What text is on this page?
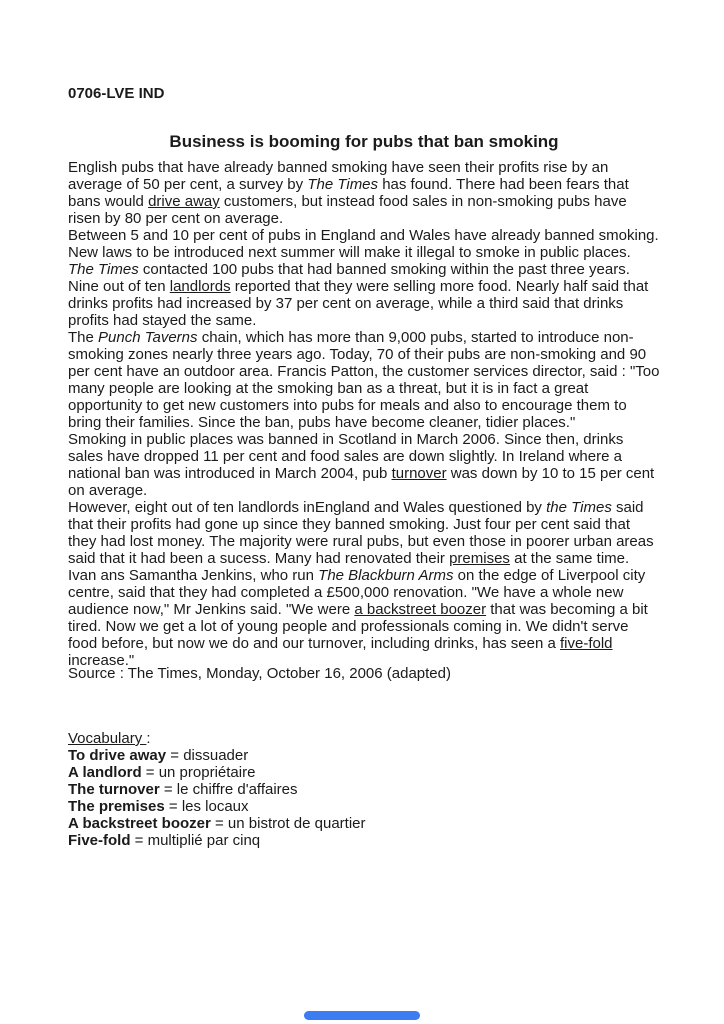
0706-LVE IND
Business is booming for pubs that ban smoking

English pubs that have already banned smoking have seen their profits rise by an average of 50 per cent, a survey by The Times has found. There had been fears that bans would drive away customers, but instead food sales in non-smoking pubs have risen by 80 per cent on average.

Between 5 and 10 per cent of pubs in England and Wales have already banned smoking. New laws to be introduced next summer will make it illegal to smoke in public places.

The Times contacted 100 pubs that had banned smoking within the past three years. Nine out of ten landlords reported that they were selling more food. Nearly half said that drinks profits had increased by 37 per cent on average, while a third said that drinks profits had stayed the same.

The Punch Taverns chain, which has more than 9,000 pubs, started to introduce non-smoking zones nearly three years ago. Today, 70 of their pubs are non-smoking and 90 per cent have an outdoor area. Francis Patton, the customer services director, said : "Too many people are looking at the smoking ban as a threat, but it is in fact a great opportunity to get new customers into pubs for meals and also to encourage them to bring their families. Since the ban, pubs have become cleaner, tidier places."

Smoking in public places was banned in Scotland in March 2006. Since then, drinks sales have dropped 11 per cent and food sales are down slightly. In Ireland where a national ban was introduced in March 2004, pub turnover was down by 10 to 15 per cent on average.

However, eight out of ten landlords inEngland and Wales questioned by the Times said that their profits had gone up since they banned smoking. Just four per cent said that they had lost money. The majority were rural pubs, but even those in poorer urban areas said that it had been a sucess. Many had renovated their premises at the same time.

Ivan ans Samantha Jenkins, who run The Blackburn Arms on the edge of Liverpool city centre, said that they had completed a £500,000 renovation. "We have a whole new audience now," Mr Jenkins said. "We were a backstreet boozer that was becoming a bit tired. Now we get a lot of young people and professionals coming in. We didn't serve food before, but now we do and our turnover, including drinks, has seen a five-fold increase."

Source : The Times, Monday, October 16, 2006 (adapted)
Vocabulary :
To drive away = dissuader
A landlord = un propriétaire
The turnover = le chiffre d'affaires
The premises = les locaux
A backstreet boozer = un bistrot de quartier
Five-fold = multiplié par cinq
